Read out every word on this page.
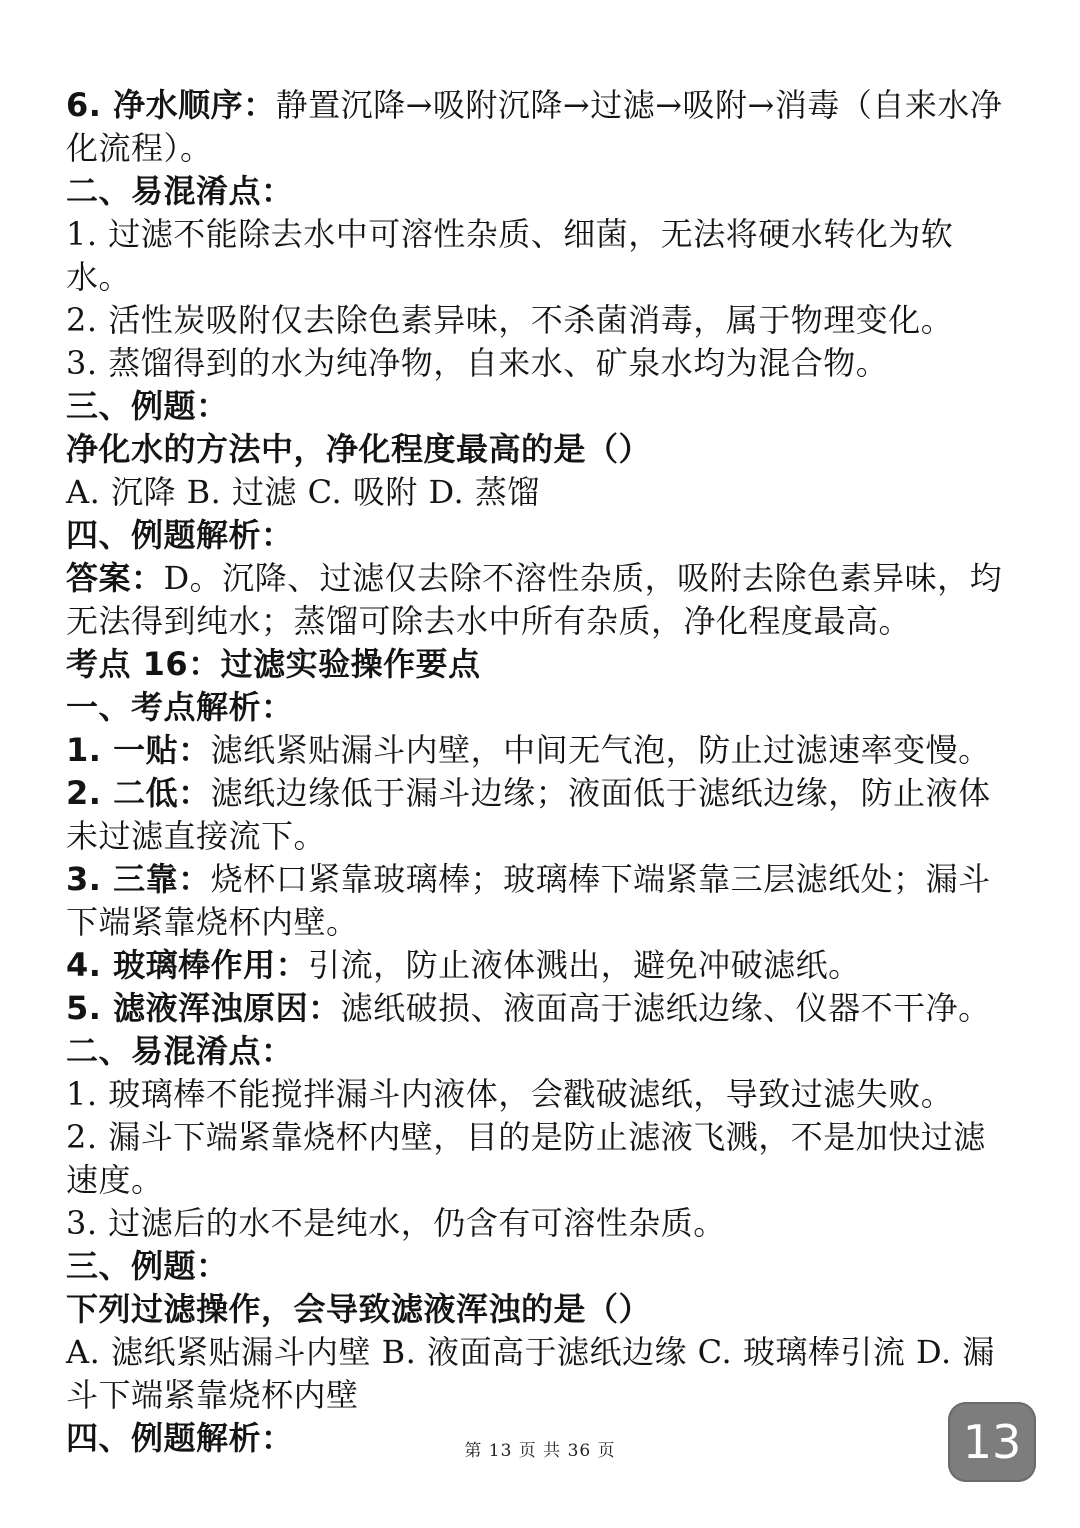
6. 净水顺序：静置沉降→吸附沉降→过滤→吸附→消毒（自来水净化流程）。
二、易混淆点：
1. 过滤不能除去水中可溶性杂质、细菌，无法将硬水转化为软水。
2. 活性炭吸附仅去除色素异味，不杀菌消毒，属于物理变化。
3. 蒸馏得到的水为纯净物，自来水、矿泉水均为混合物。
三、例题：
净化水的方法中，净化程度最高的是（）
A. 沉降 B. 过滤 C. 吸附 D. 蒸馏
四、例题解析：
答案：D。沉降、过滤仅去除不溶性杂质，吸附去除色素异味，均无法得到纯水；蒸馏可除去水中所有杂质，净化程度最高。
考点 16：过滤实验操作要点
一、考点解析：
1. 一贴：滤纸紧贴漏斗内壁，中间无气泡，防止过滤速率变慢。
2. 二低：滤纸边缘低于漏斗边缘；液面低于滤纸边缘，防止液体未过滤直接流下。
3. 三靠：烧杯口紧靠玻璃棒；玻璃棒下端紧靠三层滤纸处；漏斗下端紧靠烧杯内壁。
4. 玻璃棒作用：引流，防止液体溅出，避免冲破滤纸。
5. 滤液浑浊原因：滤纸破损、液面高于滤纸边缘、仪器不干净。
二、易混淆点：
1. 玻璃棒不能搅拌漏斗内液体，会戳破滤纸，导致过滤失败。
2. 漏斗下端紧靠烧杯内壁，目的是防止滤液飞溅，不是加快过滤速度。
3. 过滤后的水不是纯水，仍含有可溶性杂质。
三、例题：
下列过滤操作，会导致滤液浑浊的是（）
A. 滤纸紧贴漏斗内壁 B. 液面高于滤纸边缘 C. 玻璃棒引流 D. 漏斗下端紧靠烧杯内壁
四、例题解析：	第 13 页 共 36 页	13
